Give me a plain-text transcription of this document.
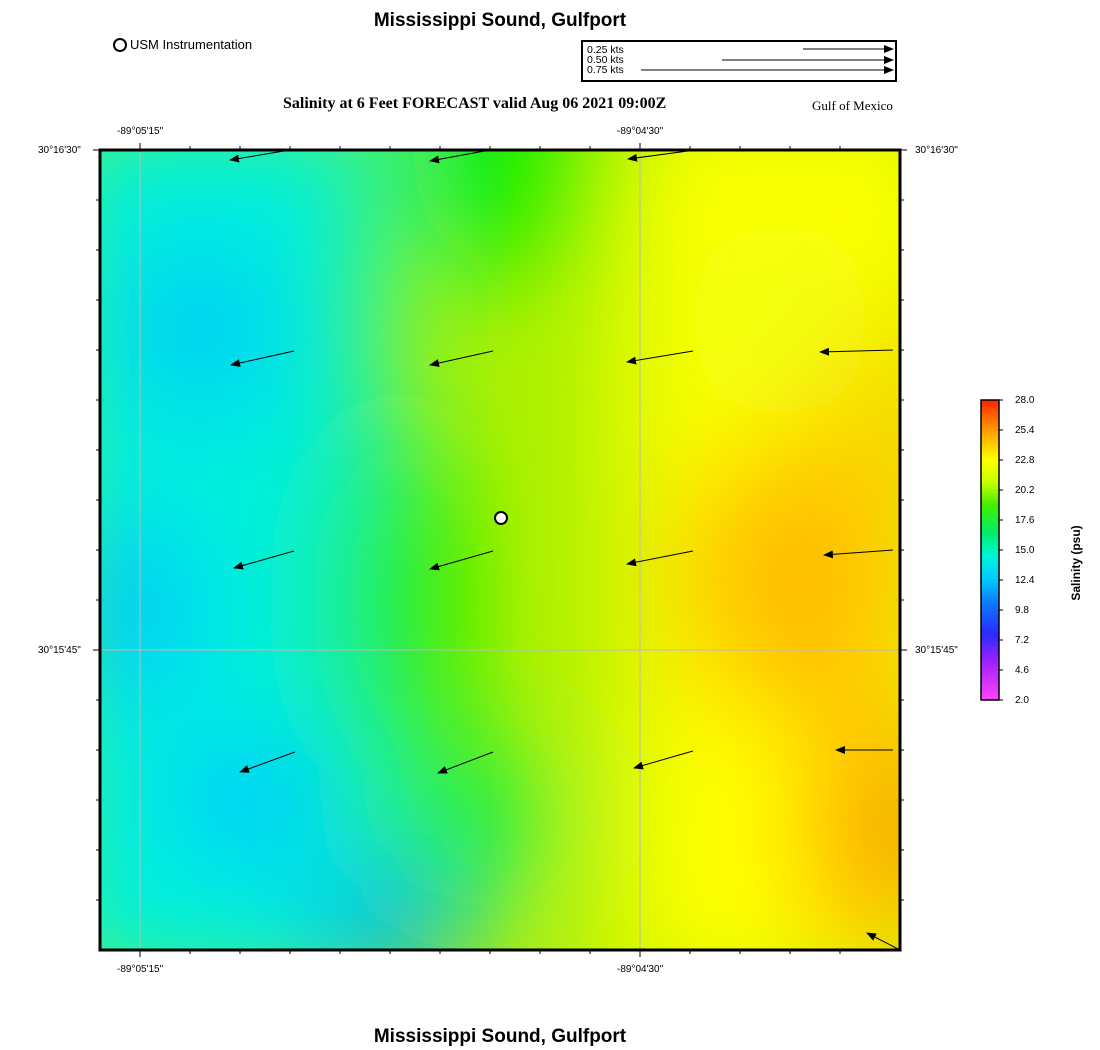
Mississippi Sound, Gulfport
Mississippi Sound, Gulfport
USM Instrumentation	0.25 kts
0.50 kts
0.75 kts
Salinity at 6 Feet FORECAST valid Aug 06 2021 09:00Z	Gulf of Mexico
-89°05'15"	-89°04'30"
-89°05'15"	-89°04'30"
30°16'30"
30°15'45"
30°16'30"
30°15'45"
28.0
25.4
22.8
20.2
17.6
15.0
12.4
9.8
7.2
4.6
2.0
Salinity (psu)
